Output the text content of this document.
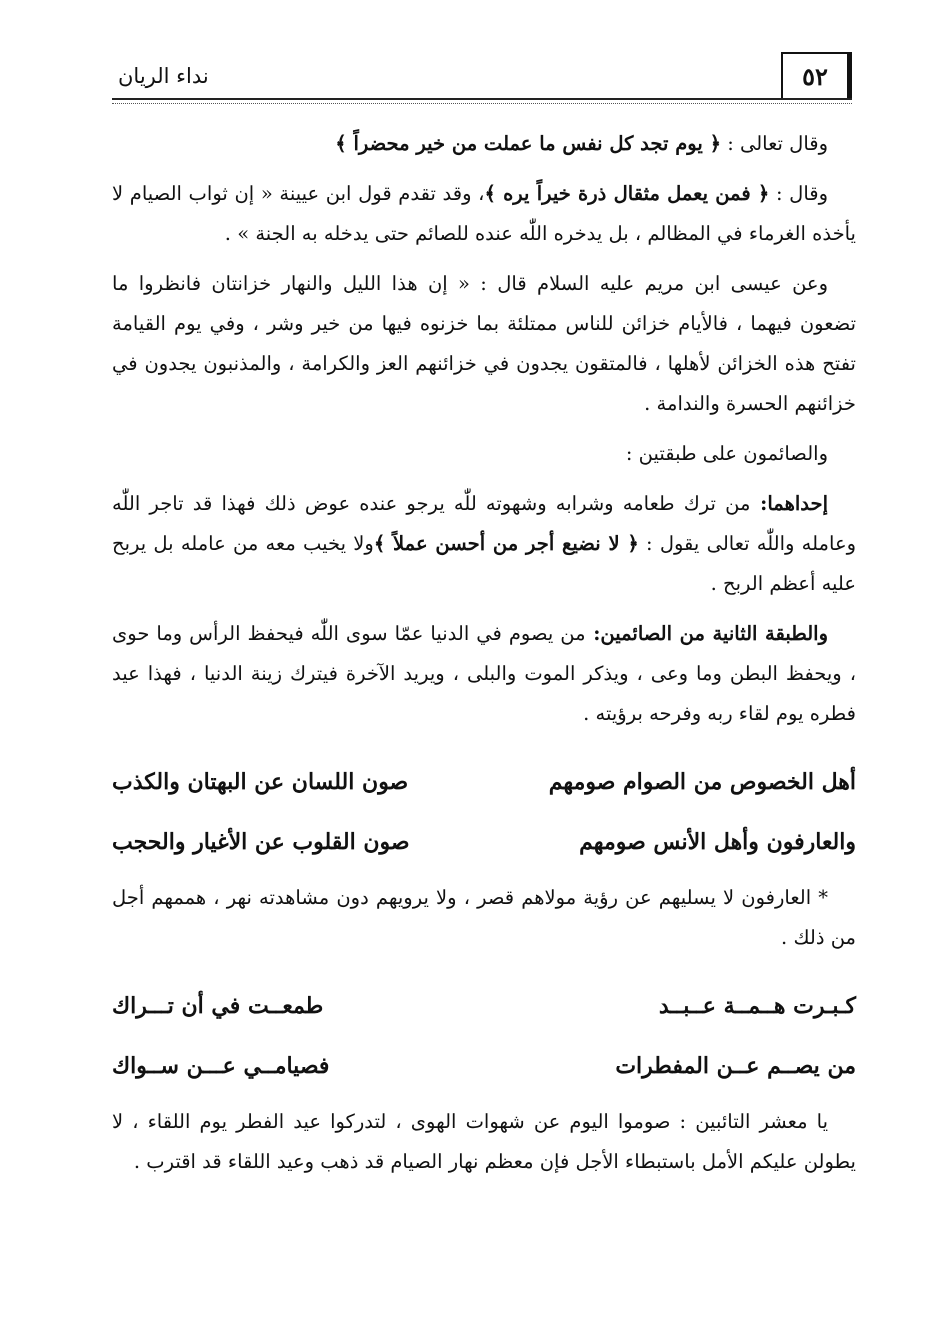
٥٢
نداء الريان

وقال تعالى : ﴿ يوم تجد كل نفس ما عملت من خير محضراً ﴾

وقال : ﴿ فمن يعمل مثقال ذرة خيراً يره ﴾، وقد تقدم قول ابن عيينة « إن ثواب الصيام لا يأخذه الغرماء في المظالم ، بل يدخره اللّٰه عنده للصائم حتى يدخله به الجنة » .

وعن عيسى ابن مريم عليه السلام قال : « إن هذا الليل والنهار خزانتان فانظروا ما تضعون فيهما ، فالأيام خزائن للناس ممتلئة بما خزنوه فيها من خير وشر ، وفي يوم القيامة تفتح هذه الخزائن لأهلها ، فالمتقون يجدون في خزائنهم العز والكرامة ، والمذنبون يجدون في خزائنهم الحسرة والندامة .

والصائمون على طبقتين :

إحداهما: من ترك طعامه وشرابه وشهوته للّٰه يرجو عنده عوض ذلك فهذا قد تاجر اللّٰه وعامله واللّٰه تعالى يقول : ﴿ لا نضيع أجر من أحسن عملاً ﴾ولا يخيب معه من عامله بل يربح عليه أعظم الربح .

والطبقة الثانية من الصائمين: من يصوم في الدنيا عمّا سوى اللّٰه فيحفظ الرأس وما حوى ، ويحفظ البطن وما وعى ، ويذكر الموت والبلى ، ويريد الآخرة فيترك زينة الدنيا ، فهذا عيد فطره يوم لقاء ربه وفرحه برؤيته .

أهل الخصوص من الصوام صومهم
صون اللسان عن البهتان والكذب
والعارفون وأهل الأنس صومهم
صون القلوب عن الأغيار والحجب

* العارفون لا يسليهم عن رؤية مولاهم قصر ، ولا يرويهم دون مشاهدته نهر ، هممهم أجل من ذلك .

كـبـرت هــمــة عــبــد
طمعــت في أن تـــراك
من يصــم عــن المفطرات
فصيامــي عـــن ســواك

يا معشر التائبين : صوموا اليوم عن شهوات الهوى ، لتدركوا عيد الفطر يوم اللقاء ، لا يطولن عليكم الأمل باستبطاء الأجل فإن معظم نهار الصيام قد ذهب وعيد اللقاء قد اقترب .
